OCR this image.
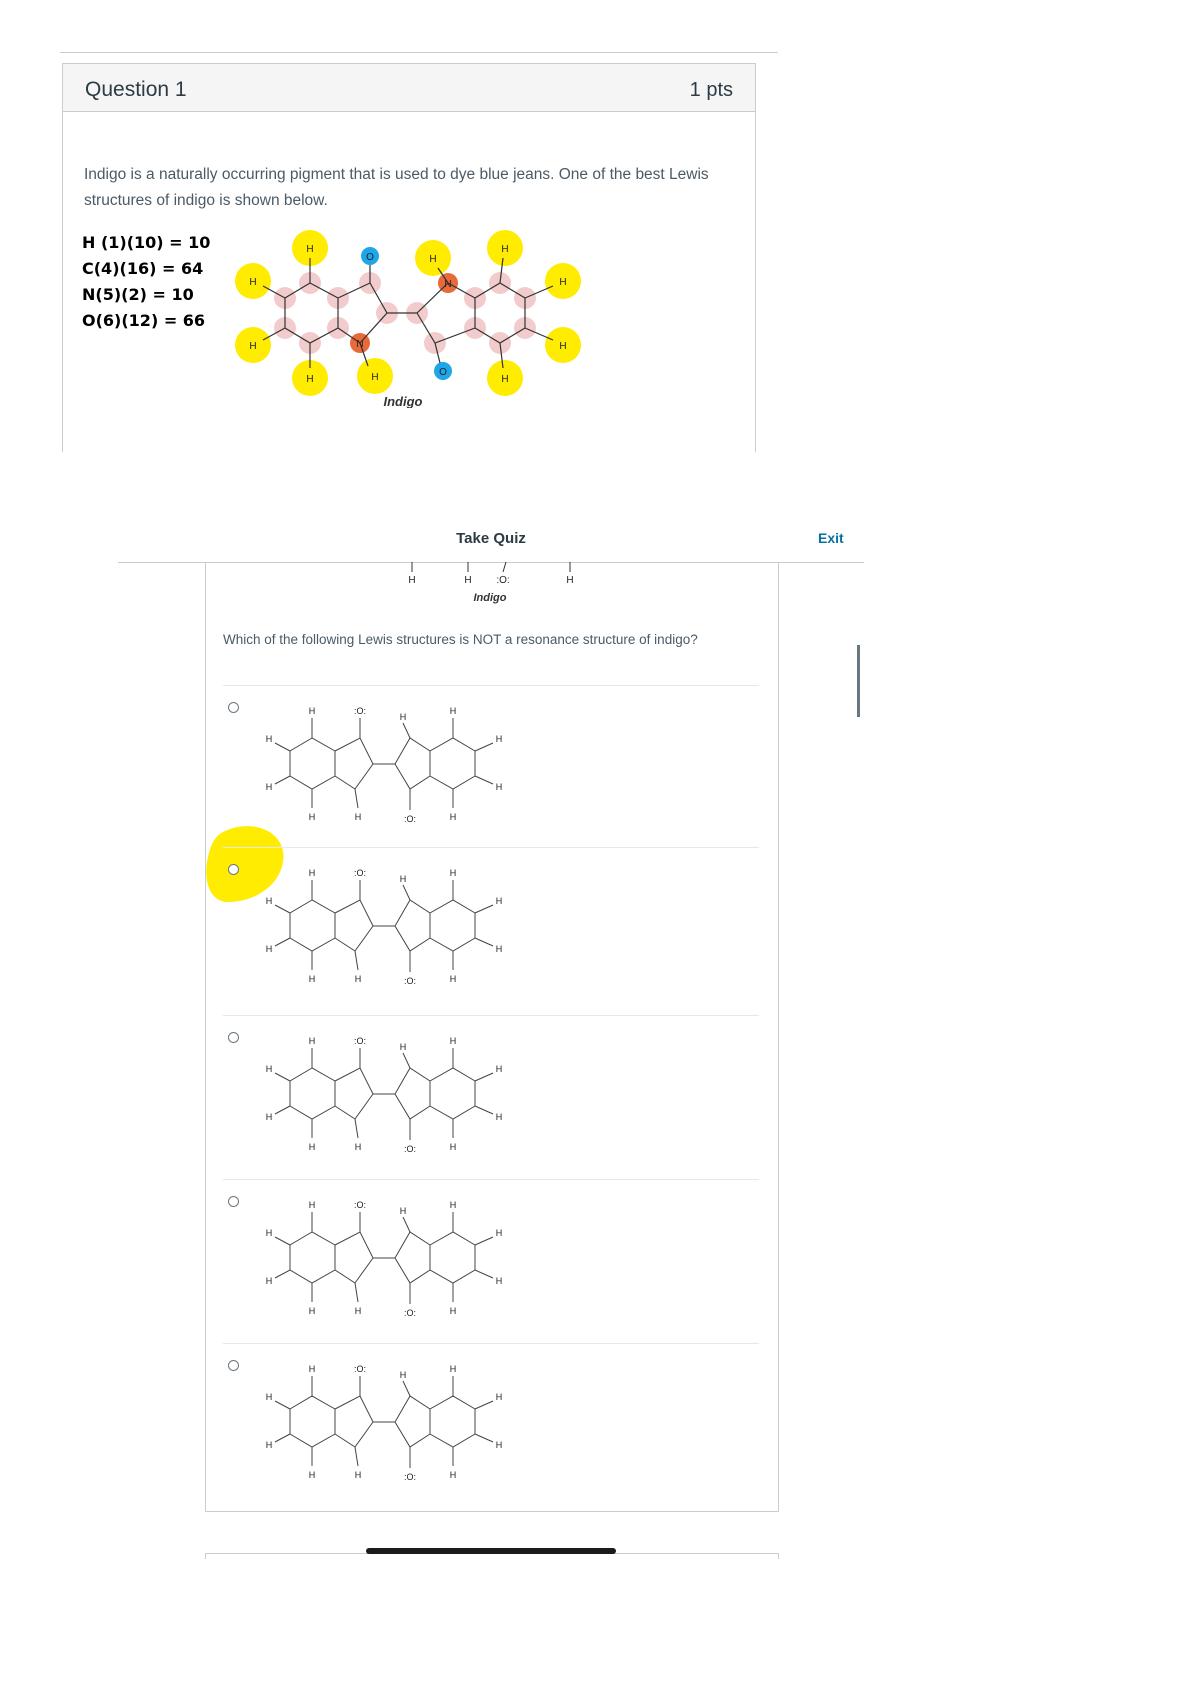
Question 1	1 pts
Indigo is a naturally occurring pigment that is used to dye blue jeans. One of the best Lewis structures of indigo is shown below.
H (1)(10) = 10
C(4)(16) = 64
N(5)(2) = 10
O(6)(12) = 66
H
H
H
H	H
H
H
H
H
H
O
O
N
N
Indigo
Take Quiz	Exit
H	H :O:	H
Indigo
Which of the following Lewis structures is NOT a resonance structure of indigo?
H
H
H
H
:O:
H
H
:O:
H
H
H
H
H
H
H
H
:O:
H
H
:O:
H
H
H
H
H
H
H
H
:O:
H
H
:O:
H
H
H
H
H
H
H
H
:O:
H
H
:O:
H
H
H
H
H
H
H
H
:O:
H
H
:O:
H
H
H
H
